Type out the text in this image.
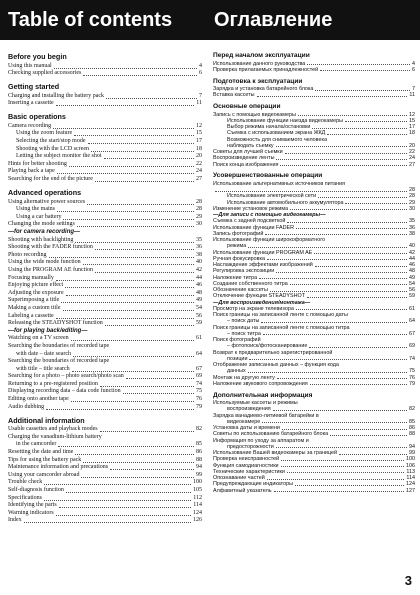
Table of contents Оглавление
Before you begin
Using this manual	4
Checking supplied accessories	6
Getting started
Charging and installing the battery pack	7
Inserting a cassette	11
Basic operations
Camera recording	12
Using the zoom feature	15
Selecting the start/stop mode	17
Shooting with the LCD screen	18
Letting the subject monitor the shot	20
Hints for better shooting	22
Playing back a tape	24
Searching for the end of the picture	27
Advanced operations
Using alternative power sources	28
Using the mains	28
Using a car battery	29
Changing the mode settings	30
—for camera recording—
Shooting with backlighting	35
Shooting with the FADER function	36
Photo recording	38
Using the wide mode function	40
Using the PROGRAM AE function	42
Focusing manually	44
Enjoying picture effect	46
Adjusting the exposure	48
Superimposing a title	49
Making a custom title	54
Labeling a cassette	56
Releasing the STEADYSHOT function	59
—for playing back/editing—
Watching on a TV screen	61
Searching the boundaries of recorded tape
with date – date search	64
Searching the boundaries of recorded tape
with title – title search	67
Searching for a photo – photo search/photo scan	69
Returning to a pre-registered position	74
Displaying recording data – data code function	75
Editing onto another tape	76
Audio dubbing	79
Additional information
Usable cassettes and playback modes	82
Charging the vanadium-lithium battery
in the camcorder	85
Resetting the date and time	86
Tips for using the battery pack	88
Maintenance information and precautions	94
Using your camcorder abroad	99
Trouble check	100
Self-diagnosis function	105
Specifications	112
Identifying the parts	114
Warning indicators	124
Index	126
Перед началом эксплуатации
Использование данного руководства	4
Проверка прилагаемых принадлежностей	6
Подготовка к эксплуатации
Зарядка и установка батарейного блока	7
Вставка кассеты	11
Основные операции
Запись с помощью видеокамеры	12
Использование функции наезда видеокамеры	15
Выбор режима начала/остановки	17
Съемка с использованием экрана ЖКД	18
Возможность для снимаемого человека
наблюдать съемку	20
Советы для лучшей съемки	22
Воспроизведение ленты	24
Поиск конца изображения	27
Усовершенствованные операции
Использование альтернативных источников питания
28
Использование электрической сети	28
Использование автомобильного аккумулятора	29
Изменение установок режима	30
—Для записи с помощью видеокамеры—
Съемка с задней подсветкой	35
Использование функции FADER	36
Запись фотографий	38
Использование функции широкоформатного
режима	40
Использование функции PROGRAM AE	42
Ручная фокусировка	44
Наслаждение эффектами изображений	46
Регулировка экспозиции	48
Наложение титра	49
Создание собственного титра	54
Обозначение кассеты	56
Отключение функции STEADYSHOT	59
—Для воспроизведения/монтажа—
Просмотр на экране телевизора	61
Поиск границы на записанной ленте с помощью даты
– поиск даты	64
Поиск границы на записанной ленте с помощью титра
– поиск титра	67
Поиск фотографий
– фотопоиск/фотосканирование	69
Возврат к предварительно зарегистрированной
позиции	74
Отображение записанных данных – функция кода
данных	75
Монтаж на другую ленту	76
Наложение звукового сопровождения	79
Дополнительная информация
Используемые кассеты и режимы
воспроизведения	82
Зарядка ванадиево-литиевой батарейки в
видеокамере	85
Установка даты и времени	86
Советы по использованию батарейного блока	88
Информация по уходу за аппаратом и
предосторожности	94
Использование Вашей видеокамеры за границей	99
Проверка неисправностей	100
Функция самодиагностики	106
Технические характеристики	113
Опознавание частей	114
Предупреждающие индикаторы	124
Алфавитный указатель	127
3
